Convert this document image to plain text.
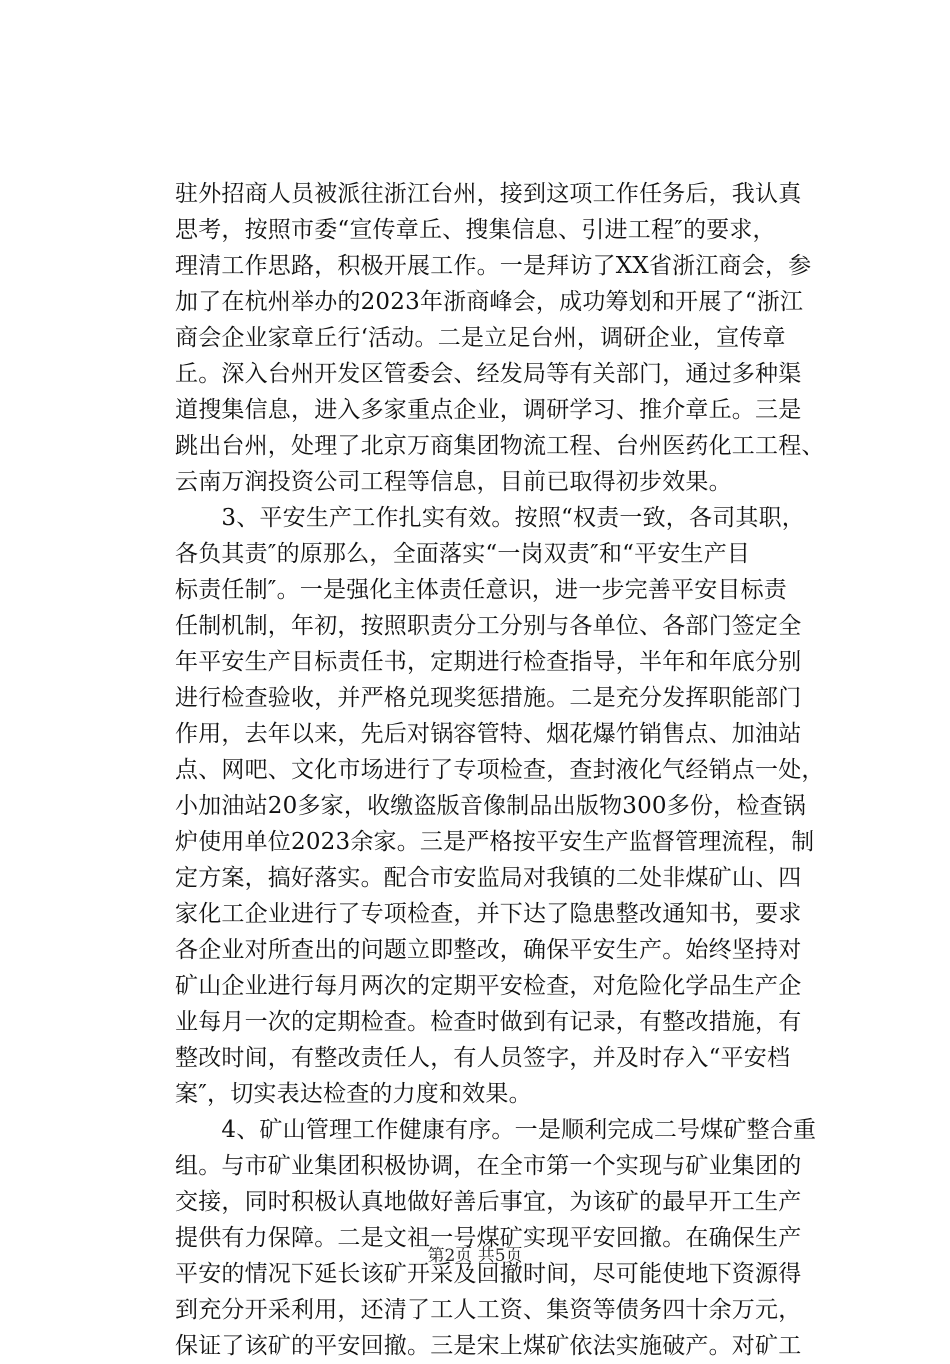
驻外招商人员被派往浙江台州，接到这项工作任务后，我认真
思考，按照市委“宣传章丘、搜集信息、引进工程″的要求，
理清工作思路，积极开展工作。一是拜访了XX省浙江商会，参
加了在杭州举办的2023年浙商峰会，成功筹划和开展了“浙江
商会企业家章丘行‘活动。二是立足台州，调研企业，宣传章
丘。深入台州开发区管委会、经发局等有关部门，通过多种渠
道搜集信息，进入多家重点企业，调研学习、推介章丘。三是
跳出台州，处理了北京万商集团物流工程、台州医药化工工程、
云南万润投资公司工程等信息，目前已取得初步效果。
　　3、平安生产工作扎实有效。按照“权责一致，各司其职，
各负其责″的原那么，全面落实“一岗双责″和“平安生产目
标责任制″。一是强化主体责任意识，进一步完善平安目标责
任制机制，年初，按照职责分工分别与各单位、各部门签定全
年平安生产目标责任书，定期进行检查指导，半年和年底分别
进行检查验收，并严格兑现奖惩措施。二是充分发挥职能部门
作用，去年以来，先后对锅容管特、烟花爆竹销售点、加油站
点、网吧、文化市场进行了专项检查，查封液化气经销点一处，
小加油站20多家，收缴盗版音像制品出版物300多份，检查锅
炉使用单位2023余家。三是严格按平安生产监督管理流程，制
定方案，搞好落实。配合市安监局对我镇的二处非煤矿山、四
家化工企业进行了专项检查，并下达了隐患整改通知书，要求
各企业对所查出的问题立即整改，确保平安生产。始终坚持对
矿山企业进行每月两次的定期平安检查，对危险化学品生产企
业每月一次的定期检查。检查时做到有记录，有整改措施，有
整改时间，有整改责任人，有人员签字，并及时存入“平安档
案″，切实表达检查的力度和效果。
　　4、矿山管理工作健康有序。一是顺利完成二号煤矿整合重
组。与市矿业集团积极协调，在全市第一个实现与矿业集团的
交接，同时积极认真地做好善后事宜，为该矿的最早开工生产
提供有力保障。二是文祖一号煤矿实现平安回撤。在确保生产
平安的情况下延长该矿开采及回撤时间，尽可能使地下资源得
到充分开采利用，还清了工人工资、集资等债务四十余万元，
保证了该矿的平安回撤。三是宋上煤矿依法实施破产。对矿工
第2页 共5页
